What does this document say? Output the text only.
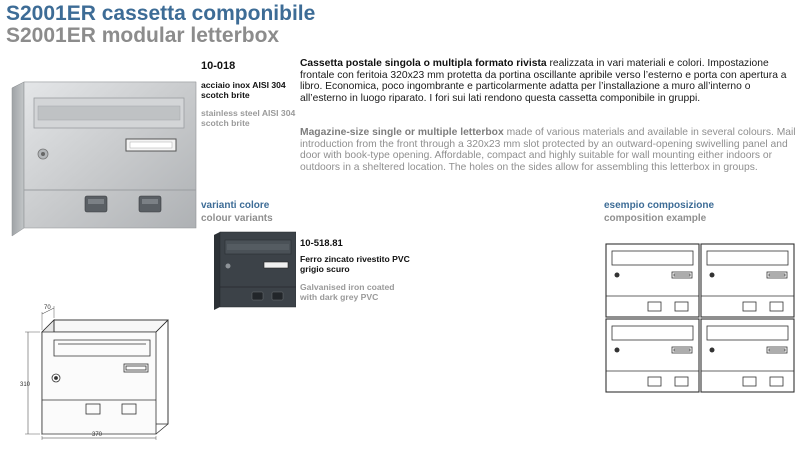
S2001ER cassetta componibile
S2001ER modular letterbox
10-018
acciaio inox AISI 304 scotch brite
stainless steel AISI 304 scotch brite
Cassetta postale singola o multipla formato rivista realizzata in vari materiali e colori. Impostazione frontale con feritoia 320x23 mm protetta da portina oscillante apribile verso l’esterno e porta con apertura a libro. Economica, poco ingombrante e particolarmente adatta per l’installazione a muro all’interno o all’esterno in luogo riparato. I fori sui lati rendono questa cassetta componibile in gruppi.
Magazine-size single or multiple letterbox made of various materials and available in several colours. Mail introduction from the front through a 320x23 mm slot protected by an outward-opening swivelling panel and door with book-type opening. Affordable, compact and highly suitable for wall mounting either indoors or outdoors in a sheltered location. The holes on the sides allow for assembling this letterbox in groups.
varianti colore
colour variants
10-518.81
Ferro zincato rivestito PVC grigio scuro
Galvanised iron coated with dark grey PVC
esempio composizione
composition example
70
310
370
